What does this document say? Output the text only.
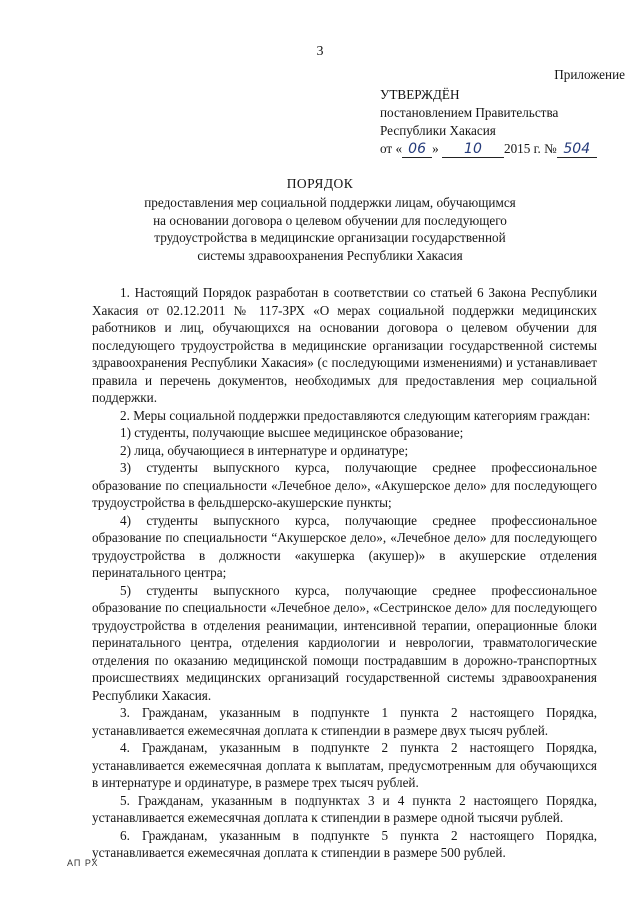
3
Приложение
УТВЕРЖДЁН
постановлением Правительства
Республики Хакасия
от « 06 » 10 2015 г. № 504
ПОРЯДОК
предоставления мер социальной поддержки лицам, обучающимся на основании договора о целевом обучении для последующего трудоустройства в медицинские организации государственной системы здравоохранения Республики Хакасия

1. Настоящий Порядок разработан в соответствии со статьей 6 Закона Республики Хакасия от 02.12.2011 № 117-ЗРХ «О мерах социальной поддержки медицинских работников и лиц, обучающихся на основании договора о целевом обучении для последующего трудоустройства в медицинские организации государственной системы здравоохранения Республики Хакасия» (с последующими изменениями) и устанавливает правила и перечень документов, необходимых для предоставления мер социальной поддержки.

2. Меры социальной поддержки предоставляются следующим категориям граждан:

1) студенты, получающие высшее медицинское образование;

2) лица, обучающиеся в интернатуре и ординатуре;

3) студенты выпускного курса, получающие среднее профессиональное образование по специальности «Лечебное дело», «Акушерское дело» для последующего трудоустройства в фельдшерско-акушерские пункты;

4) студенты выпускного курса, получающие среднее профессиональное образование по специальности “Акушерское дело», «Лечебное дело» для последующего трудоустройства в должности «акушерка (акушер)» в акушерские отделения перинатального центра;

5) студенты выпускного курса, получающие среднее профессиональное образование по специальности «Лечебное дело», «Сестринское дело» для последующего трудоустройства в отделения реанимации, интенсивной терапии, операционные блоки перинатального центра, отделения кардиологии и неврологии, травматологические отделения по оказанию медицинской помощи пострадавшим в дорожно-транспортных происшествиях медицинских организаций государственной системы здравоохранения Республики Хакасия.

3. Гражданам, указанным в подпункте 1 пункта 2 настоящего Порядка, устанавливается ежемесячная доплата к стипендии в размере двух тысяч рублей.

4. Гражданам, указанным в подпункте 2 пункта 2 настоящего Порядка, устанавливается ежемесячная доплата к выплатам, предусмотренным для обучающихся в интернатуре и ординатуре, в размере трех тысяч рублей.

5. Гражданам, указанным в подпунктах 3 и 4 пункта 2 настоящего Порядка, устанавливается ежемесячная доплата к стипендии в размере одной тысячи рублей.

6. Гражданам, указанным в подпункте 5 пункта 2 настоящего Порядка, устанавливается ежемесячная доплата к стипендии в размере 500 рублей.

АП РХ
